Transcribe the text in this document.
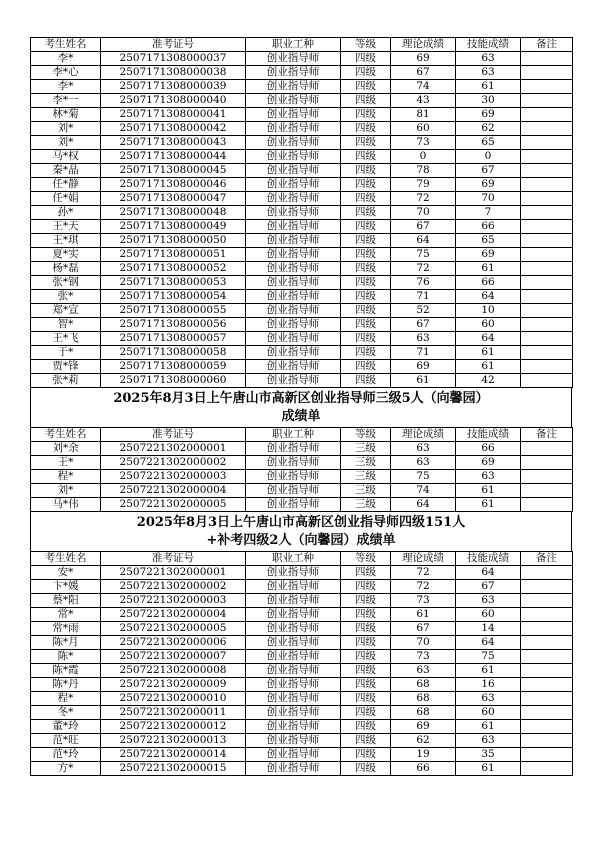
考生姓名	准考证号	职业工种	等级	理论成绩	技能成绩	备注
李*	2507171308000037	创业指导师	四级	69	63	
李*心	2507171308000038	创业指导师	四级	67	63	
李*	2507171308000039	创业指导师	四级	74	61	
李*一	2507171308000040	创业指导师	四级	43	30	
林*菊	2507171308000041	创业指导师	四级	81	69	
刘*	2507171308000042	创业指导师	四级	60	62	
刘*	2507171308000043	创业指导师	四级	73	65	
马*权	2507171308000044	创业指导师	四级	0	0	
秦*晶	2507171308000045	创业指导师	四级	78	67	
任*静	2507171308000046	创业指导师	四级	79	69	
任*娟	2507171308000047	创业指导师	四级	72	70	
孙*	2507171308000048	创业指导师	四级	70	7	
王*天	2507171308000049	创业指导师	四级	67	66	
王*琪	2507171308000050	创业指导师	四级	64	65	
夏*实	2507171308000051	创业指导师	四级	75	69	
杨*磊	2507171308000052	创业指导师	四级	72	61	
张*钢	2507171308000053	创业指导师	四级	76	66	
张*	2507171308000054	创业指导师	四级	71	64	
郑*宣	2507171308000055	创业指导师	四级	52	10	
智*	2507171308000056	创业指导师	四级	67	60	
王*飞	2507171308000057	创业指导师	四级	63	64	
于*	2507171308000058	创业指导师	四级	71	61	
贾*锋	2507171308000059	创业指导师	四级	69	61	
张*莉	2507171308000060	创业指导师	四级	61	42	
2025年8月3日上午唐山市高新区创业指导师三级5人（向馨园）
成绩单
考生姓名	准考证号	职业工种	等级	理论成绩	技能成绩	备注
刘*余	2507221302000001	创业指导师	三级	63	66	
王*	2507221302000002	创业指导师	三级	63	69	
程*	2507221302000003	创业指导师	三级	75	63	
刘*	2507221302000004	创业指导师	三级	74	61	
马*伟	2507221302000005	创业指导师	三级	64	61	
2025年8月3日上午唐山市高新区创业指导师四级151人
+补考四级2人（向馨园）成绩单
考生姓名	准考证号	职业工种	等级	理论成绩	技能成绩	备注
安*	2507221302000001	创业指导师	四级	72	64	
卞*媛	2507221302000002	创业指导师	四级	72	67	
蔡*阳	2507221302000003	创业指导师	四级	73	63	
常*	2507221302000004	创业指导师	四级	61	60	
常*雨	2507221302000005	创业指导师	四级	67	14	
陈*月	2507221302000006	创业指导师	四级	70	64	
陈*	2507221302000007	创业指导师	四级	73	75	
陈*霞	2507221302000008	创业指导师	四级	63	61	
陈*丹	2507221302000009	创业指导师	四级	68	16	
程*	2507221302000010	创业指导师	四级	68	63	
冬*	2507221302000011	创业指导师	四级	68	60	
董*玲	2507221302000012	创业指导师	四级	69	61	
范*旺	2507221302000013	创业指导师	四级	62	63	
范*玲	2507221302000014	创业指导师	四级	19	35	
方*	2507221302000015	创业指导师	四级	66	61	
